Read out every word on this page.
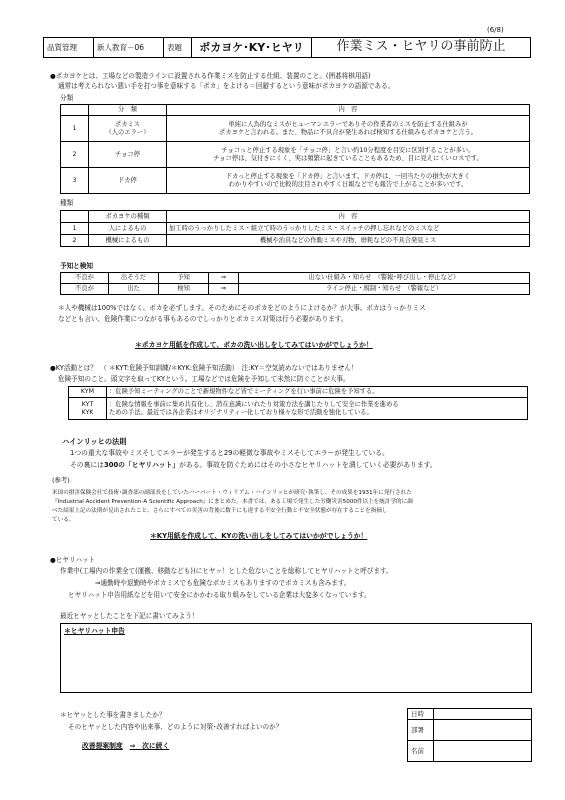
(6/8)
品質管理	新人教育－06	表題	ポカヨケ･KY･ヒヤリ	作業ミス・ヒヤリの事前防止
●ポカヨケとは、工場などの製造ラインに設置される作業ミスを防止する仕組、装置のこと。(囲碁将棋用語)
通常は考えられない悪い手を打つ事を意味する「ポカ」をよける＝回避するという意味がポカヨケの語源である。
分類
	分　類	内　容
1	ポカミス
（人のエラー）	単純に人為的なミスがヒューマンエラーでありその作業者のミスを防止する仕組みが
ポカヨケと言われる。また、物品に不具合が発生あれば検知する仕組みもポカヨケと言う。
2	チョコ停	チョコっと停止する現象を「チョコ停」と言い約10分程度を目安に区別することが多い。
チョコ停は、気付きにくく、実は頻繁に起きていることもあるため、目に見えにくいロスです。
3	ドカ停	ドカっと停止する現象を「ドカ停」と言います。ドカ停は、一回当たりの損失が大きく
わかりやすいので比較的注目されやすく日報などでも報告で上がることが多いです。
種類
	ポカヨケの種類	内　容
1	人によるもの	加工時のうっかりしたミス・組立て時のうっかりしたミス・スイッチの押し忘れなどのミスなど
2	機械によるもの	機械や治具などの作動ミスや刃物、磨耗などの不具合発見ミス
予知と検知
不良が	出そうだ	予知	⇒	出ない仕組み・知らせ　（警報･呼び出し・停止など）
不良が	出た	検知	⇒	ライン停止・規制・知らせ　（警報など）
＊人や機械は100%ではなく、ポカを必ずします。そのためにそのポカをどのようによけるか？が大事。ポカはうっかりミス
などとも言い、危険作業につながる事もあるのでしっかりとポカミス対策は行う必要があります。
＊ポカヨケ用紙を作成して、ポカの洗い出しをしてみてはいかがでしょうか！
●KY活動とは？　（ ＊KYT:危険予知訓練/＊KYK:危険予知活動）　注:KY＝空気読めないではありません！
危険予知のこと。頭文字を取ってKYという。工場などでは危険を予知して未然に防ぐことが大事。
KYM	：危険予知ミーティングのことで新規物件など皆でミーティングを行い事前に危険を予知する。
KYT
KYK	：危険な情報を事前に集め共有化し、潜在意識にいれたり対策方法を講じたりして安全に作業を進める
ための手法。最近では各企業はオリジナリティー化しており様々な形で活動を強化している。
ハインリッヒの法則
1つの重大な事故やミスそしてエラーが発生すると29の軽微な事故やミスそしてエラーが発生している。
その裏には300の「ヒヤリハット」がある。事故を防ぐためにはその小さなヒヤリハットを潰していく必要があります。
(参考)
米国の損害保険会社で技術･調査部の副部長をしていたハーバート・ウィリアム・ハインリッヒが研究･執筆し、その成果を1931年に発行された
『Industrial Accident Prevention-A Scientific Approach』にまとめた。本書では、ある工場で発生した労働災害5000件以上を統計学的に調
べた結果上記の法則が見出されたこと、さらにすべての災害の背後に数千にも達する不安全行動と不安全状態が存在することを指摘し
ている。
＊KY用紙を作成して、KYの洗い出しをしてみてはいかがでしょうか！
●ヒヤリハット
作業中(工場内の作業全て(運搬、移動なども))にヒヤッ！とした危ないことを総称してヒヤリハットと呼びます。
⇒通勤時や退勤時やポカミスでも危険なポカミスもありますのでポカミスも含みます。
ヒヤリハット申告用紙などを用いて安全にかかわる取り組みをしている企業は大変多くなっています。
最近ヒヤッとしたことを下記に書いてみよう！
＊ヒヤリハット申告
＊ヒヤッとした事を書きましたか？
そのヒヤッとした内容や出来事、どのように対策･改善すればよいのか？
改善提案制度　 ⇒　次に続く
日時	
部署	
名前	
